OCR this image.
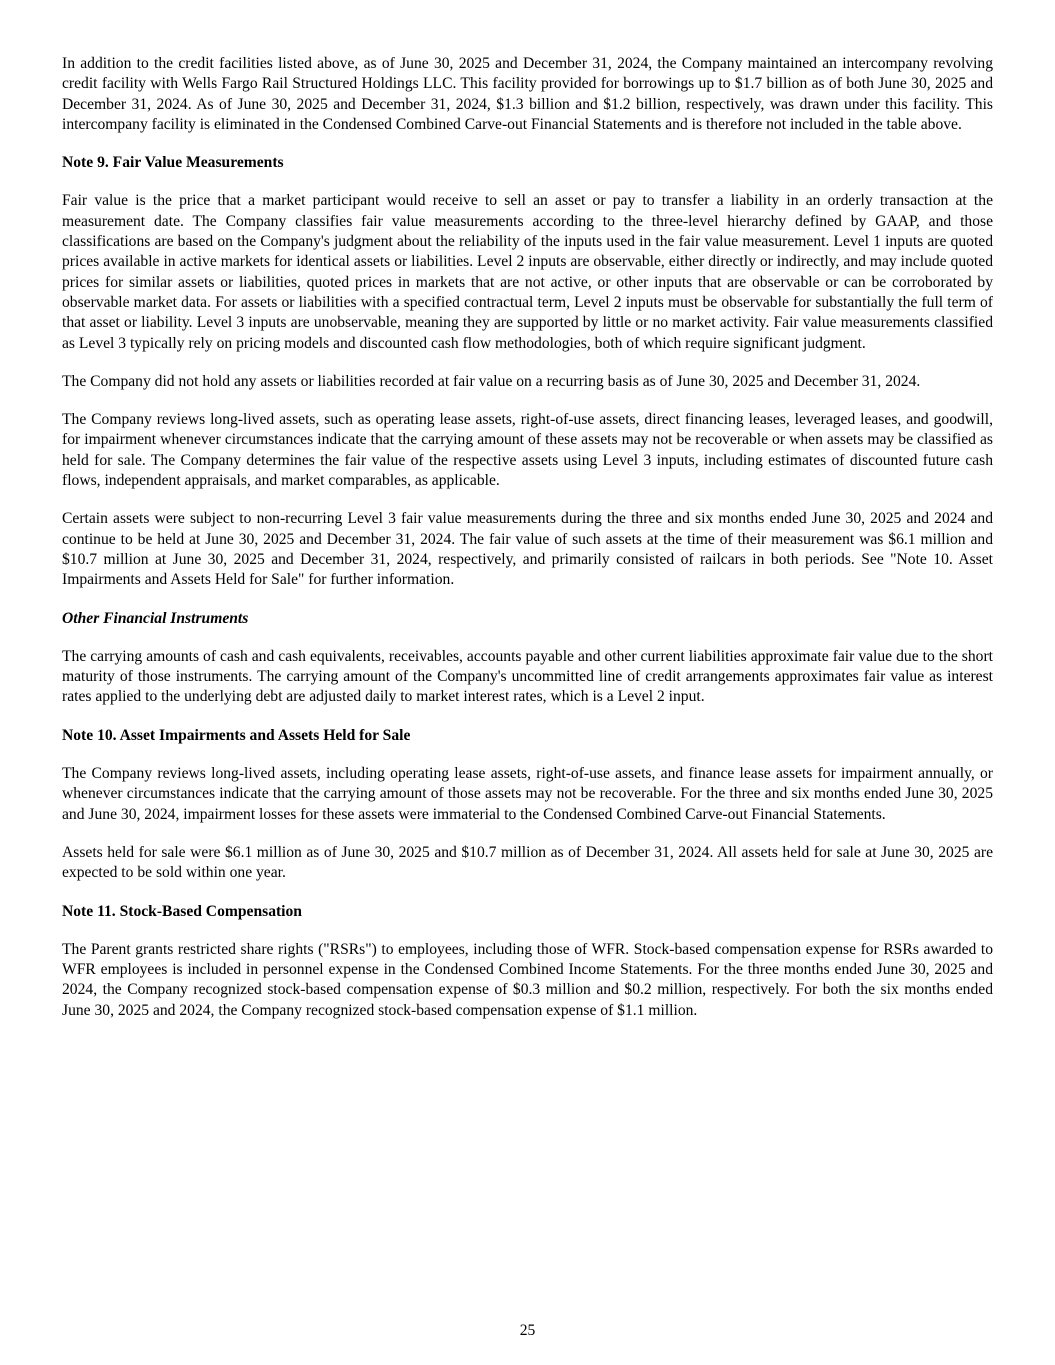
In addition to the credit facilities listed above, as of June 30, 2025 and December 31, 2024, the Company maintained an intercompany revolving credit facility with Wells Fargo Rail Structured Holdings LLC. This facility provided for borrowings up to $1.7 billion as of both June 30, 2025 and December 31, 2024. As of June 30, 2025 and December 31, 2024, $1.3 billion and $1.2 billion, respectively, was drawn under this facility. This intercompany facility is eliminated in the Condensed Combined Carve-out Financial Statements and is therefore not included in the table above.

Note 9. Fair Value Measurements

Fair value is the price that a market participant would receive to sell an asset or pay to transfer a liability in an orderly transaction at the measurement date. The Company classifies fair value measurements according to the three-level hierarchy defined by GAAP, and those classifications are based on the Company's judgment about the reliability of the inputs used in the fair value measurement. Level 1 inputs are quoted prices available in active markets for identical assets or liabilities. Level 2 inputs are observable, either directly or indirectly, and may include quoted prices for similar assets or liabilities, quoted prices in markets that are not active, or other inputs that are observable or can be corroborated by observable market data. For assets or liabilities with a specified contractual term, Level 2 inputs must be observable for substantially the full term of that asset or liability. Level 3 inputs are unobservable, meaning they are supported by little or no market activity. Fair value measurements classified as Level 3 typically rely on pricing models and discounted cash flow methodologies, both of which require significant judgment.

The Company did not hold any assets or liabilities recorded at fair value on a recurring basis as of June 30, 2025 and December 31, 2024.

The Company reviews long-lived assets, such as operating lease assets, right-of-use assets, direct financing leases, leveraged leases, and goodwill, for impairment whenever circumstances indicate that the carrying amount of these assets may not be recoverable or when assets may be classified as held for sale. The Company determines the fair value of the respective assets using Level 3 inputs, including estimates of discounted future cash flows, independent appraisals, and market comparables, as applicable.

Certain assets were subject to non-recurring Level 3 fair value measurements during the three and six months ended June 30, 2025 and 2024 and continue to be held at June 30, 2025 and December 31, 2024. The fair value of such assets at the time of their measurement was $6.1 million and $10.7 million at June 30, 2025 and December 31, 2024, respectively, and primarily consisted of railcars in both periods. See "Note 10. Asset Impairments and Assets Held for Sale" for further information.

Other Financial Instruments

The carrying amounts of cash and cash equivalents, receivables, accounts payable and other current liabilities approximate fair value due to the short maturity of those instruments. The carrying amount of the Company's uncommitted line of credit arrangements approximates fair value as interest rates applied to the underlying debt are adjusted daily to market interest rates, which is a Level 2 input.

Note 10. Asset Impairments and Assets Held for Sale

The Company reviews long-lived assets, including operating lease assets, right-of-use assets, and finance lease assets for impairment annually, or whenever circumstances indicate that the carrying amount of those assets may not be recoverable. For the three and six months ended June 30, 2025 and June 30, 2024, impairment losses for these assets were immaterial to the Condensed Combined Carve-out Financial Statements.

Assets held for sale were $6.1 million as of June 30, 2025 and $10.7 million as of December 31, 2024. All assets held for sale at June 30, 2025 are expected to be sold within one year.

Note 11. Stock-Based Compensation

The Parent grants restricted share rights ("RSRs") to employees, including those of WFR. Stock-based compensation expense for RSRs awarded to WFR employees is included in personnel expense in the Condensed Combined Income Statements. For the three months ended June 30, 2025 and 2024, the Company recognized stock-based compensation expense of $0.3 million and $0.2 million, respectively. For both the six months ended June 30, 2025 and 2024, the Company recognized stock-based compensation expense of $1.1 million.

25
